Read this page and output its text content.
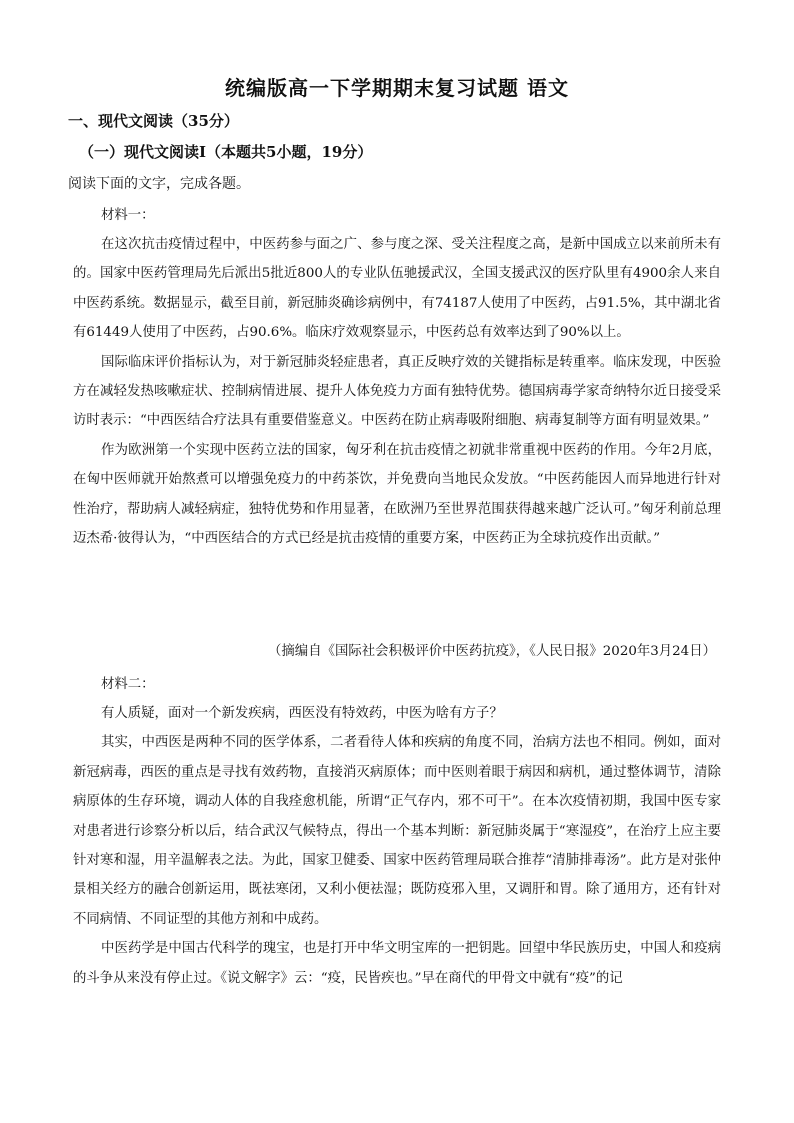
统编版高一下学期期末复习试题 语文
一、现代文阅读（35分）
（一）现代文阅读Ⅰ（本题共5小题，19分）
阅读下面的文字，完成各题。
材料一：

在这次抗击疫情过程中，中医药参与面之广、参与度之深、受关注程度之高，是新中国成立以来前所未有的。国家中医药管理局先后派出5批近800人的专业队伍驰援武汉，全国支援武汉的医疗队里有4900余人来自中医药系统。数据显示，截至目前，新冠肺炎确诊病例中，有74187人使用了中医药，占91.5%，其中湖北省有61449人使用了中医药，占90.6%。临床疗效观察显示，中医药总有效率达到了90%以上。

国际临床评价指标认为，对于新冠肺炎轻症患者，真正反映疗效的关键指标是转重率。临床发现，中医验方在减轻发热咳嗽症状、控制病情进展、提升人体免疫力方面有独特优势。德国病毒学家奇纳特尔近日接受采访时表示：“中西医结合疗法具有重要借鉴意义。中医药在防止病毒吸附细胞、病毒复制等方面有明显效果。”

作为欧洲第一个实现中医药立法的国家，匈牙利在抗击疫情之初就非常重视中医药的作用。今年2月底，在匈中医师就开始熬煮可以增强免疫力的中药茶饮，并免费向当地民众发放。“中医药能因人而异地进行针对性治疗，帮助病人减轻病症，独特优势和作用显著，在欧洲乃至世界范围获得越来越广泛认可。”匈牙利前总理迈杰希·彼得认为，“中西医结合的方式已经是抗击疫情的重要方案，中医药正为全球抗疫作出贡献。”

（摘编自《国际社会积极评价中医药抗疫》，《人民日报》2020年3月24日）
材料二：

有人质疑，面对一个新发疾病，西医没有特效药，中医为啥有方子？

其实，中西医是两种不同的医学体系，二者看待人体和疾病的角度不同，治病方法也不相同。例如，面对新冠病毒，西医的重点是寻找有效药物，直接消灭病原体；而中医则着眼于病因和病机，通过整体调节，清除病原体的生存环境，调动人体的自我痊愈机能，所谓“正气存内，邪不可干”。在本次疫情初期，我国中医专家对患者进行诊察分析以后，结合武汉气候特点，得出一个基本判断：新冠肺炎属于“寒湿疫”，在治疗上应主要针对寒和湿，用辛温解表之法。为此，国家卫健委、国家中医药管理局联合推荐“清肺排毒汤”。此方是对张仲景相关经方的融合创新运用，既祛寒闭，又利小便祛湿；既防疫邪入里，又调肝和胃。除了通用方，还有针对不同病情、不同证型的其他方剂和中成药。

中医药学是中国古代科学的瑰宝，也是打开中华文明宝库的一把钥匙。回望中华民族历史，中国人和疫病的斗争从来没有停止过。《说文解字》云：“疫，民皆疾也。”早在商代的甲骨文中就有“疫”的记
